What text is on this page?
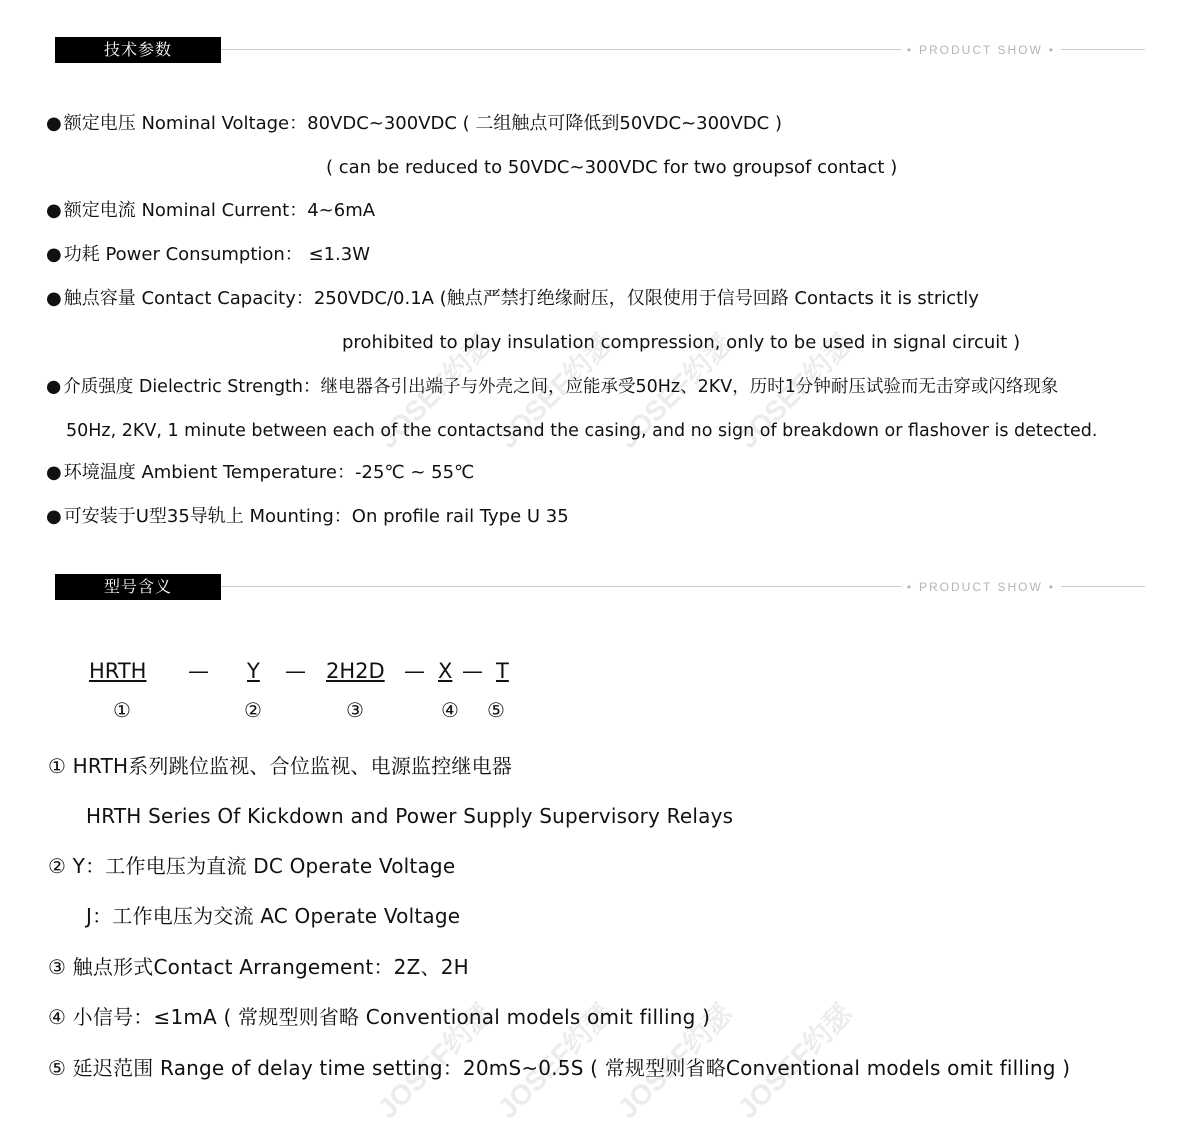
JOSEF约瑟
JOSEF约瑟
JOSEF约瑟
JOSEF约瑟
JOSEF约瑟
JOSEF约瑟
JOSEF约瑟
JOSEF约瑟
技术参数	• PRODUCT SHOW •
● 额定电压 Nominal Voltage：80VDC~300VDC ( 二组触点可降低到50VDC~300VDC )
( can be reduced to 50VDC~300VDC for two groupsof contact )
● 额定电流 Nominal Current：4~6mA
● 功耗 Power Consumption： ≤1.3W
● 触点容量 Contact Capacity：250VDC/0.1A (触点严禁打绝缘耐压，仅限使用于信号回路 Contacts it is strictly
prohibited to play insulation compression, only to be used in signal circuit )
● 介质强度 Dielectric Strength：继电器各引出端子与外壳之间，应能承受50Hz、2KV，历时1分钟耐压试验而无击穿或闪络现象
50Hz, 2KV, 1 minute between each of the contactsand the casing, and no sign of breakdown or flashover is detected.
● 环境温度 Ambient Temperature：-25℃ ~ 55℃
● 可安装于U型35导轨上 Mounting：On profile rail Type U 35
型号含义	• PRODUCT SHOW •
HRTH — Y — 2H2D — X — T
①	②	③	④ ⑤
① HRTH系列跳位监视、合位监视、电源监控继电器
HRTH Series Of Kickdown and Power Supply Supervisory Relays
② Y：工作电压为直流 DC Operate Voltage
J：工作电压为交流 AC Operate Voltage
③ 触点形式Contact Arrangement：2Z、2H
④ 小信号：≤1mA ( 常规型则省略 Conventional models omit filling )
⑤ 延迟范围 Range of delay time setting：20mS~0.5S ( 常规型则省略Conventional models omit filling )
